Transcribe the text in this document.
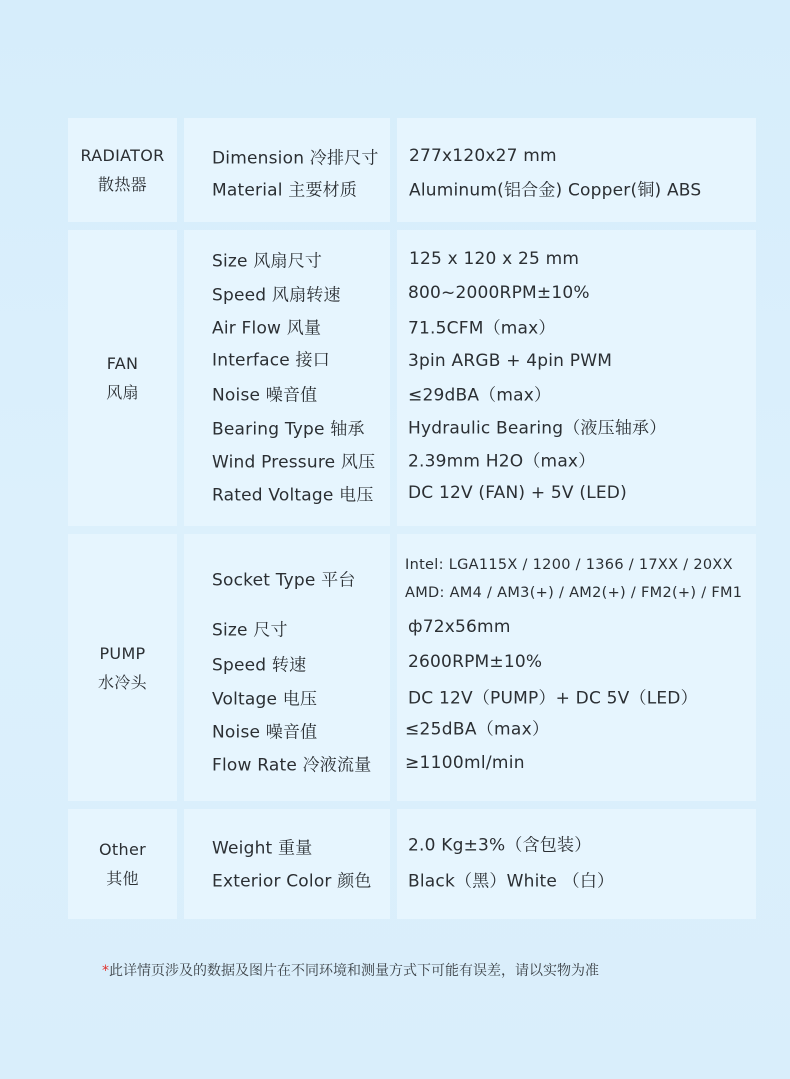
RADIATOR
散热器
Dimension 冷排尺寸
Material 主要材质
277x120x27 mm
Aluminum(铝合金) Copper(铜) ABS
FAN
风扇
Size 风扇尺寸
Speed 风扇转速
Air Flow 风量
Interface 接口
Noise 噪音值
Bearing Type 轴承
Wind Pressure 风压
Rated Voltage 电压
125 x 120 x 25 mm
800~2000RPM±10%
71.5CFM（max）
3pin ARGB + 4pin PWM
≤29dBA（max）
Hydraulic Bearing（液压轴承）
2.39mm H2O（max）
DC 12V (FAN) + 5V (LED)
PUMP
水冷头
Socket Type 平台
Size 尺寸
Speed 转速
Voltage 电压
Noise 噪音值
Flow Rate 冷液流量
Intel: LGA115X / 1200 / 1366 / 17XX / 20XX
AMD: AM4 / AM3(+) / AM2(+) / FM2(+) / FM1
ф72x56mm
2600RPM±10%
DC 12V（PUMP）+ DC 5V（LED）
≤25dBA（max）
≥1100ml/min
Other
其他
Weight 重量
Exterior Color 颜色
2.0 Kg±3%（含包装）
Black（黑）White （白）
*此详情页涉及的数据及图片在不同环境和测量方式下可能有误差，请以实物为准
